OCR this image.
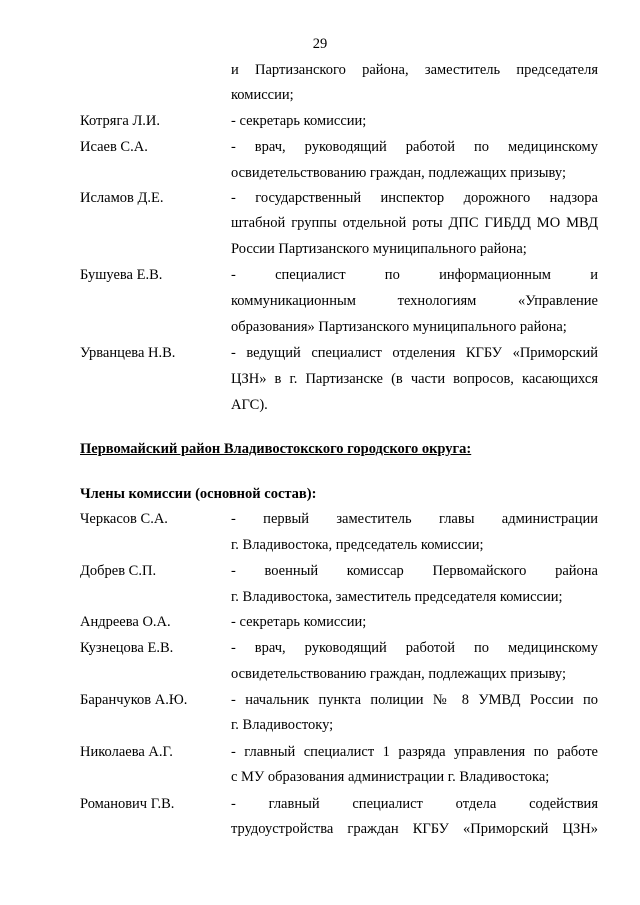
29
и Партизанского района, заместитель председателя
комиссии;
Котряга Л.И.	- секретарь комиссии;
Исаев С.А.	- врач, руководящий работой по медицинскому
освидетельствованию граждан, подлежащих призыву;
Исламов Д.Е.	- государственный инспектор дорожного надзора
штабной группы отдельной роты ДПС ГИБДД МО МВД
России Партизанского муниципального района;
Бушуева Е.В.	- специалист по информационным и
коммуникационным технологиям «Управление
образования» Партизанского муниципального района;
Урванцева Н.В.	- ведущий специалист отделения КГБУ «Приморский
ЦЗН» в г. Партизанске (в части вопросов, касающихся
АГС).
Первомайский район Владивостокского городского округа:
Члены комиссии (основной состав):
Черкасов С.А.	- первый заместитель главы администрации
г. Владивостока, председатель комиссии;
Добрев С.П.	- военный комиссар Первомайского района
г. Владивостока, заместитель председателя комиссии;
Андреева О.А.	- секретарь комиссии;
Кузнецова Е.В.	- врач, руководящий работой по медицинскому
освидетельствованию граждан, подлежащих призыву;
Баранчуков А.Ю.	- начальник пункта полиции № 8 УМВД России по
г. Владивостоку;
Николаева А.Г.	- главный специалист 1 разряда управления по работе
с МУ образования администрации г. Владивостока;
Романович Г.В.	- главный специалист отдела содействия
трудоустройства граждан КГБУ «Приморский ЦЗН»
